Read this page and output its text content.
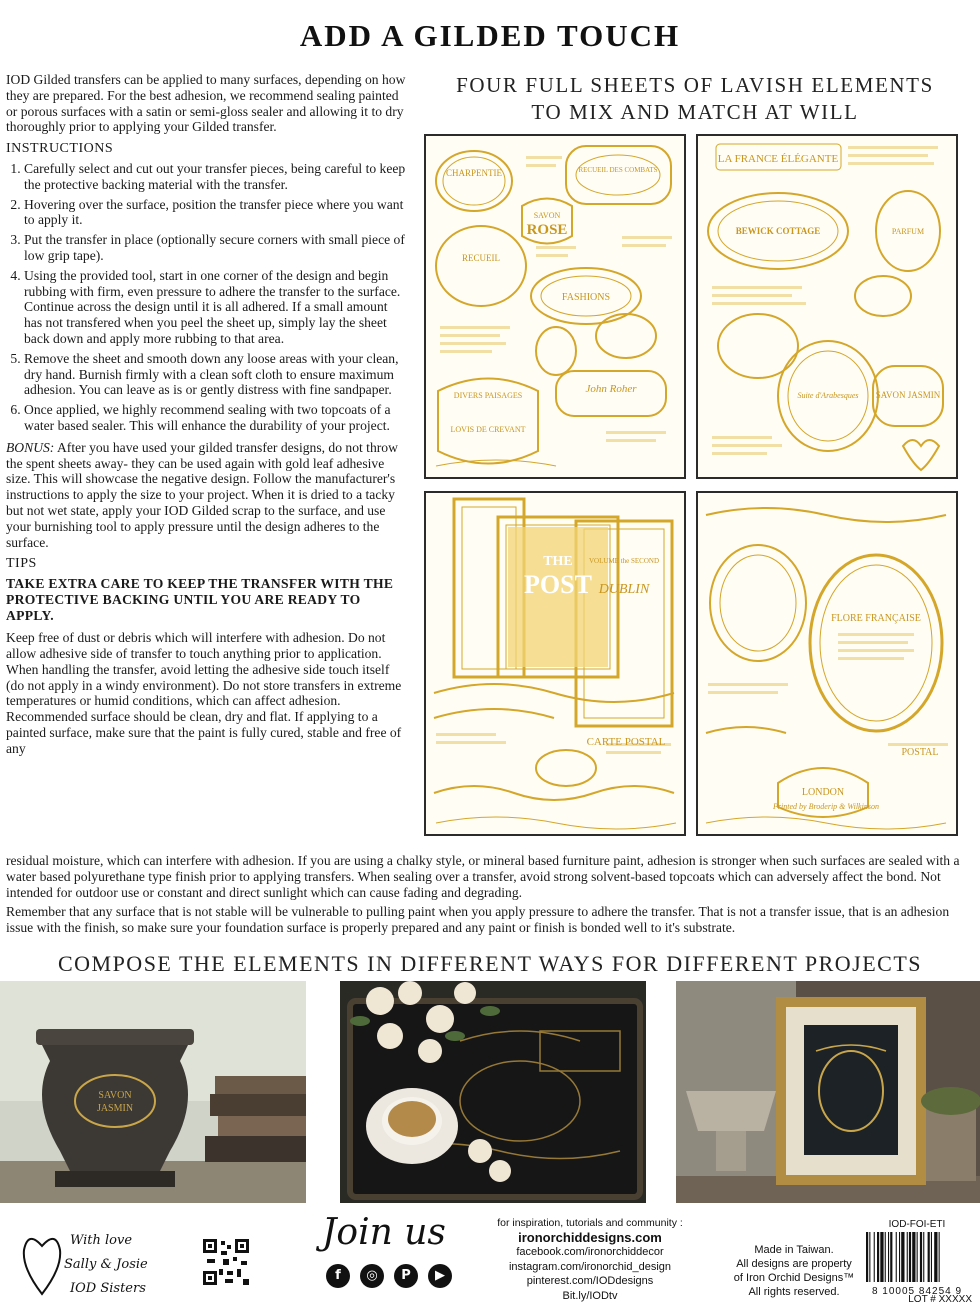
ADD A GILDED TOUCH

IOD Gilded transfers can be applied to many surfaces, depending on how they are prepared. For the best adhesion, we recommend sealing painted or porous surfaces with a satin or semi-gloss sealer and allowing it to dry thoroughly prior to applying your Gilded transfer.

INSTRUCTIONS

1. Carefully select and cut out your transfer pieces, being careful to keep the protective backing material with the transfer.
2. Hovering over the surface, position the transfer piece where you want to apply it.
3. Put the transfer in place (optionally secure corners with small piece of low grip tape).
4. Using the provided tool, start in one corner of the design and begin rubbing with firm, even pressure to adhere the transfer to the surface. Continue across the design until it is all adhered. If a small amount has not transfered when you peel the sheet up, simply lay the sheet back down and apply more rubbing to that area.
5. Remove the sheet and smooth down any loose areas with your clean, dry hand. Burnish firmly with a clean soft cloth to ensure maximum adhesion. You can leave as is or gently distress with fine sandpaper.
6. Once applied, we highly recommend sealing with two topcoats of a water based sealer. This will enhance the durability of your project.

BONUS: After you have used your gilded transfer designs, do not throw the spent sheets away- they can be used again with gold leaf adhesive size. This will showcase the negative design. Follow the manufacturer's instructions to apply the size to your project. When it is dried to a tacky but not wet state, apply your IOD Gilded scrap to the surface, and use your burnishing tool to apply pressure until the design adheres to the surface.

TIPS

TAKE EXTRA CARE TO KEEP THE TRANSFER WITH THE PROTECTIVE BACKING UNTIL YOU ARE READY TO APPLY.

Keep free of dust or debris which will interfere with adhesion. Do not allow adhesive side of transfer to touch anything prior to application. When handling the transfer, avoid letting the adhesive side touch itself (do not apply in a windy environment). Do not store transfers in extreme temperatures or humid conditions, which can affect adhesion. Recommended surface should be clean, dry and flat. If applying to a painted surface, make sure that the paint is fully cured, stable and free of any

residual moisture, which can interfere with adhesion. If you are using a chalky style, or mineral based furniture paint, adhesion is stronger when such surfaces are sealed with a water based polyurethane type finish prior to applying transfers. When sealing over a transfer, avoid strong solvent-based topcoats which can adversely affect the bond. Not intended for outdoor use or constant and direct sunlight which can cause fading and degrading.

Remember that any surface that is not stable will be vulnerable to pulling paint when you apply pressure to adhere the transfer. That is not a transfer issue, that is an adhesion issue with the finish, so make sure your foundation surface is properly prepared and any paint or finish is bonded well to it's substrate.

FOUR FULL SHEETS OF LAVISH ELEMENTS
TO MIX AND MATCH AT WILL
CHARPENTIE	RECUEIL DES COMBATS
SAVON
ROSE
RECUEIL
FASHIONS
John Roher
DIVERS PAISAGES
LOVIS DE CREVANT
LA FRANCE ÉLÉGANTE
BEWICK COTTAGE
Suite d'Arabesques SAVON JASMIN
PARFUM
THE
POST
VOLUME the SECOND
DUBLIN
CARTE POSTAL
FLORE FRANÇAISE
LONDON
Printed by Broderip & Wilkinson
POSTAL
COMPOSE THE ELEMENTS IN DIFFERENT WAYS FOR DIFFERENT PROJECTS
SAVON
JASMIN
With love
Sally & Josie
IOD Sisters
Join us
f
	◎
	P
	▶
for inspiration, tutorials and community :
ironorchiddesigns.com
facebook.com/ironorchiddecor
instagram.com/ironorchid_design
pinterest.com/IODdesigns
Bit.ly/IODtv
Made in Taiwan.
All designs are property
of Iron Orchid Designs™
All rights reserved.
IOD-FOI-ETI
8 10005 84254 9
LOT # XXXXX
